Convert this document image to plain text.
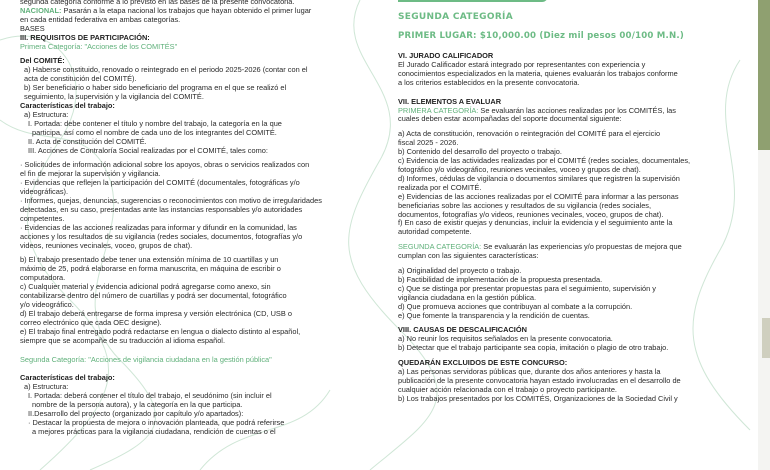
segunda categoría conforme a lo previsto en las bases de la presente convocatoria.

NACIONAL: Pasarán a la etapa nacional los trabajos que hayan obtenido el primer lugar

en cada entidad federativa en ambas categorías.

BASES

III. REQUISITOS DE PARTICIPACIÓN:

Primera Categoría: "Acciones de los COMITÉS"

Del COMITÉ:

a) Haberse constituido, renovado o reintegrado en el periodo 2025-2026 (contar con el

acta de constitución del COMITÉ).

b) Ser beneficiario o haber sido beneficiario del programa en el que se realizó el

seguimiento, la supervisión y la vigilancia del COMITÉ.

Características del trabajo:

a) Estructura:

I. Portada: debe contener el título y nombre del trabajo, la categoría en la que

participa, así como el nombre de cada uno de los integrantes del COMITÉ.

II. Acta de constitución del COMITÉ.

III. Acciones de Contraloría Social realizadas por el COMITÉ, tales como:

· Solicitudes de información adicional sobre los apoyos, obras o servicios realizados con

el fin de mejorar la supervisión y vigilancia.

· Evidencias que reflejen la participación del COMITÉ (documentales, fotográficas y/o

videográficas).

· Informes, quejas, denuncias, sugerencias o reconocimientos con motivo de irregularidades

detectadas, en su caso, presentadas ante las instancias responsables y/o autoridades

competentes.

· Evidencias de las acciones realizadas para informar y difundir en la comunidad, las

acciones y los resultados de su vigilancia (redes sociales, documentos, fotografías y/o

videos, reuniones vecinales, voceo, grupos de chat).

b) El trabajo presentado debe tener una extensión mínima de 10 cuartillas y un

máximo de 25, podrá elaborarse en forma manuscrita, en máquina de escribir o

computadora.

c) Cualquier material y evidencia adicional podrá agregarse como anexo, sin

contabilizarse dentro del número de cuartillas y podrá ser documental, fotográfico

y/o videográfico.

d) El trabajo deberá entregarse de forma impresa y versión electrónica (CD, USB o

correo electrónico que cada OEC designe).

e) El trabajo final entregado podrá redactarse en lengua o dialecto distinto al español,

siempre que se acompañe de su traducción al idioma español.

Segunda Categoría: "Acciones de vigilancia ciudadana en la gestión pública"

Características del trabajo:

a) Estructura:

I. Portada: deberá contener el título del trabajo, el seudónimo (sin incluir el

nombre de la persona autora), y la categoría en la que participa.

II.Desarrollo del proyecto (organizado por capítulo y/o apartados):

· Destacar la propuesta de mejora o innovación planteada, que podrá referirse

a mejores prácticas para la vigilancia ciudadana, rendición de cuentas o el

SEGUNDA CATEGORÍA
PRIMER LUGAR: $10,000.00 (Diez mil pesos 00/100 M.N.)

VI. JURADO CALIFICADOR

El Jurado Calificador estará integrado por representantes con experiencia y

conocimientos especializados en la materia, quienes evaluarán los trabajos conforme

a los criterios establecidos en la presente convocatoria.

VII. ELEMENTOS A EVALUAR

PRIMERA CATEGORÍA: Se evaluarán las acciones realizadas por los COMITÉS, las

cuales deben estar acompañadas del soporte documental siguiente:

a) Acta de constitución, renovación o reintegración del COMITÉ para el ejercicio

fiscal 2025 - 2026.

b) Contenido del desarrollo del proyecto o trabajo.

c) Evidencia de las actividades realizadas por el COMITÉ (redes sociales, documentales,

fotográfico y/o videográfico, reuniones vecinales, voceo y grupos de chat).

d) Informes, cédulas de vigilancia o documentos similares que registren la supervisión

realizada por el COMITÉ.

e) Evidencias de las acciones realizadas por el COMITÉ para informar a las personas

beneficiarias sobre las acciones y resultados de su vigilancia (redes sociales,

documentos, fotografías y/o videos, reuniones vecinales, voceo, grupos de chat).

f) En caso de existir quejas y denuncias, incluir la evidencia y el seguimiento ante la

autoridad competente.

SEGUNDA CATEGORÍA: Se evaluarán las experiencias y/o propuestas de mejora que

cumplan con las siguientes características:

a) Originalidad del proyecto o trabajo.

b) Factibilidad de implementación de la propuesta presentada.

c) Que se distinga por presentar propuestas para el seguimiento, supervisión y

vigilancia ciudadana en la gestión pública.

d) Que promueva acciones que contribuyan al combate a la corrupción.

e) Que fomente la transparencia y la rendición de cuentas.

VIII. CAUSAS DE DESCALIFICACIÓN

a) No reunir los requisitos señalados en la presente convocatoria.

b) Detectar que el trabajo participante sea copia, imitación o plagio de otro trabajo.

QUEDARÁN EXCLUIDOS DE ESTE CONCURSO:

a) Las personas servidoras públicas que, durante dos años anteriores y hasta la

publicación de la presente convocatoria hayan estado involucradas en el desarrollo de

cualquier acción relacionada con el trabajo o proyecto participante.

b) Los trabajos presentados por los COMITÉS, Organizaciones de la Sociedad Civil y
